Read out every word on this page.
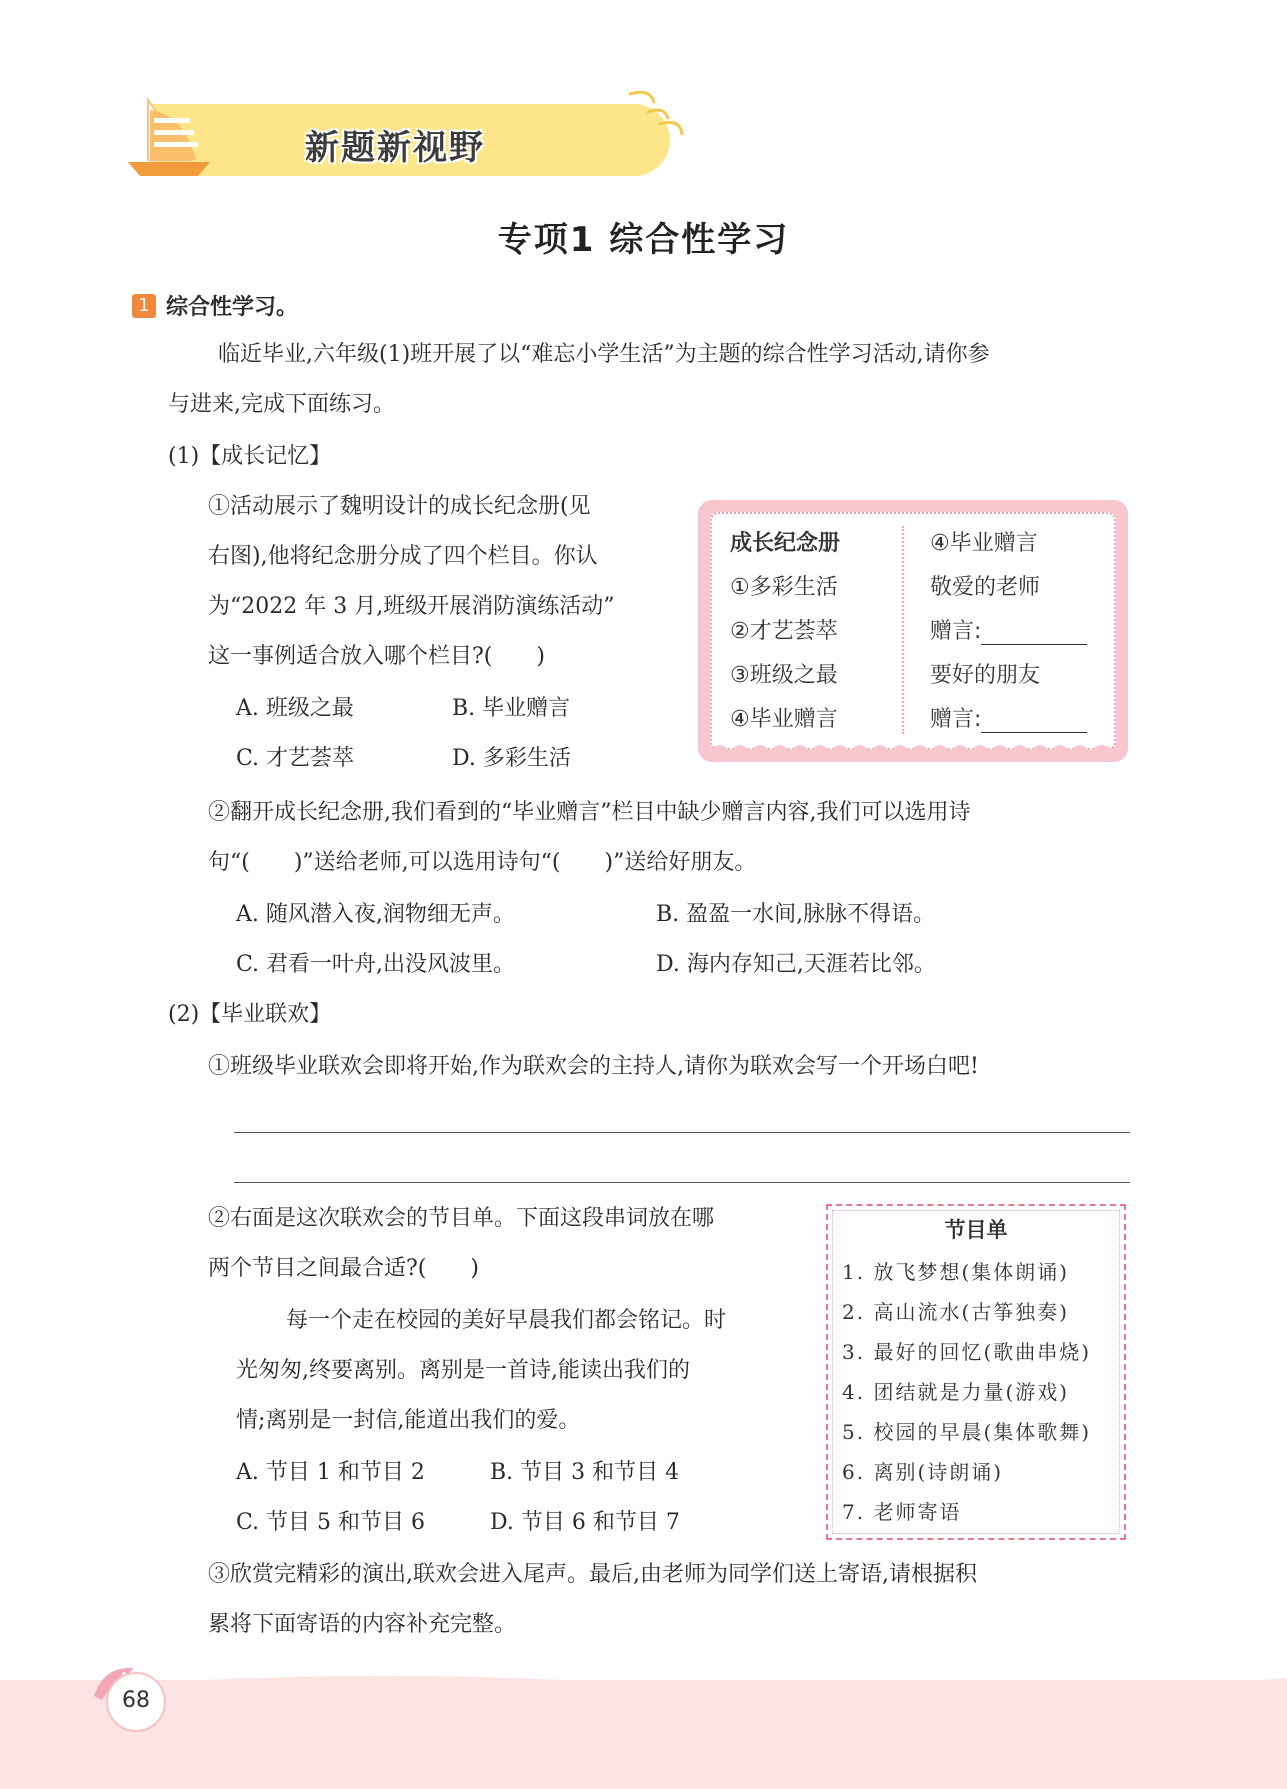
新题新视野
专项1 综合性学习
1 综合性学习。
临近毕业,六年级(1)班开展了以“难忘小学生活”为主题的综合性学习活动,请你参
与进来,完成下面练习。
(1)【成长记忆】
①活动展示了魏明设计的成长纪念册(见
右图),他将纪念册分成了四个栏目。你认
为“2022 年 3 月,班级开展消防演练活动”
这一事例适合放入哪个栏目?(　　)
A. 班级之最	B. 毕业赠言
C. 才艺荟萃	D. 多彩生活
成长纪念册
①多彩生活
②才艺荟萃
③班级之最
④毕业赠言
④毕业赠言
敬爱的老师
赠言:
要好的朋友
赠言:
②翻开成长纪念册,我们看到的“毕业赠言”栏目中缺少赠言内容,我们可以选用诗
句“(　　)”送给老师,可以选用诗句“(　　)”送给好朋友。
A. 随风潜入夜,润物细无声。	B. 盈盈一水间,脉脉不得语。
C. 君看一叶舟,出没风波里。	D. 海内存知己,天涯若比邻。
(2)【毕业联欢】
①班级毕业联欢会即将开始,作为联欢会的主持人,请你为联欢会写一个开场白吧!
②右面是这次联欢会的节目单。下面这段串词放在哪
两个节目之间最合适?(　　)
每一个走在校园的美好早晨我们都会铭记。时
光匆匆,终要离别。离别是一首诗,能读出我们的
情;离别是一封信,能道出我们的爱。
A. 节目 1 和节目 2	B. 节目 3 和节目 4
C. 节目 5 和节目 6	D. 节目 6 和节目 7
节目单
1. 放飞梦想(集体朗诵)
2. 高山流水(古筝独奏)
3. 最好的回忆(歌曲串烧)
4. 团结就是力量(游戏)
5. 校园的早晨(集体歌舞)
6. 离别(诗朗诵)
7. 老师寄语
③欣赏完精彩的演出,联欢会进入尾声。最后,由老师为同学们送上寄语,请根据积
累将下面寄语的内容补充完整。
68
